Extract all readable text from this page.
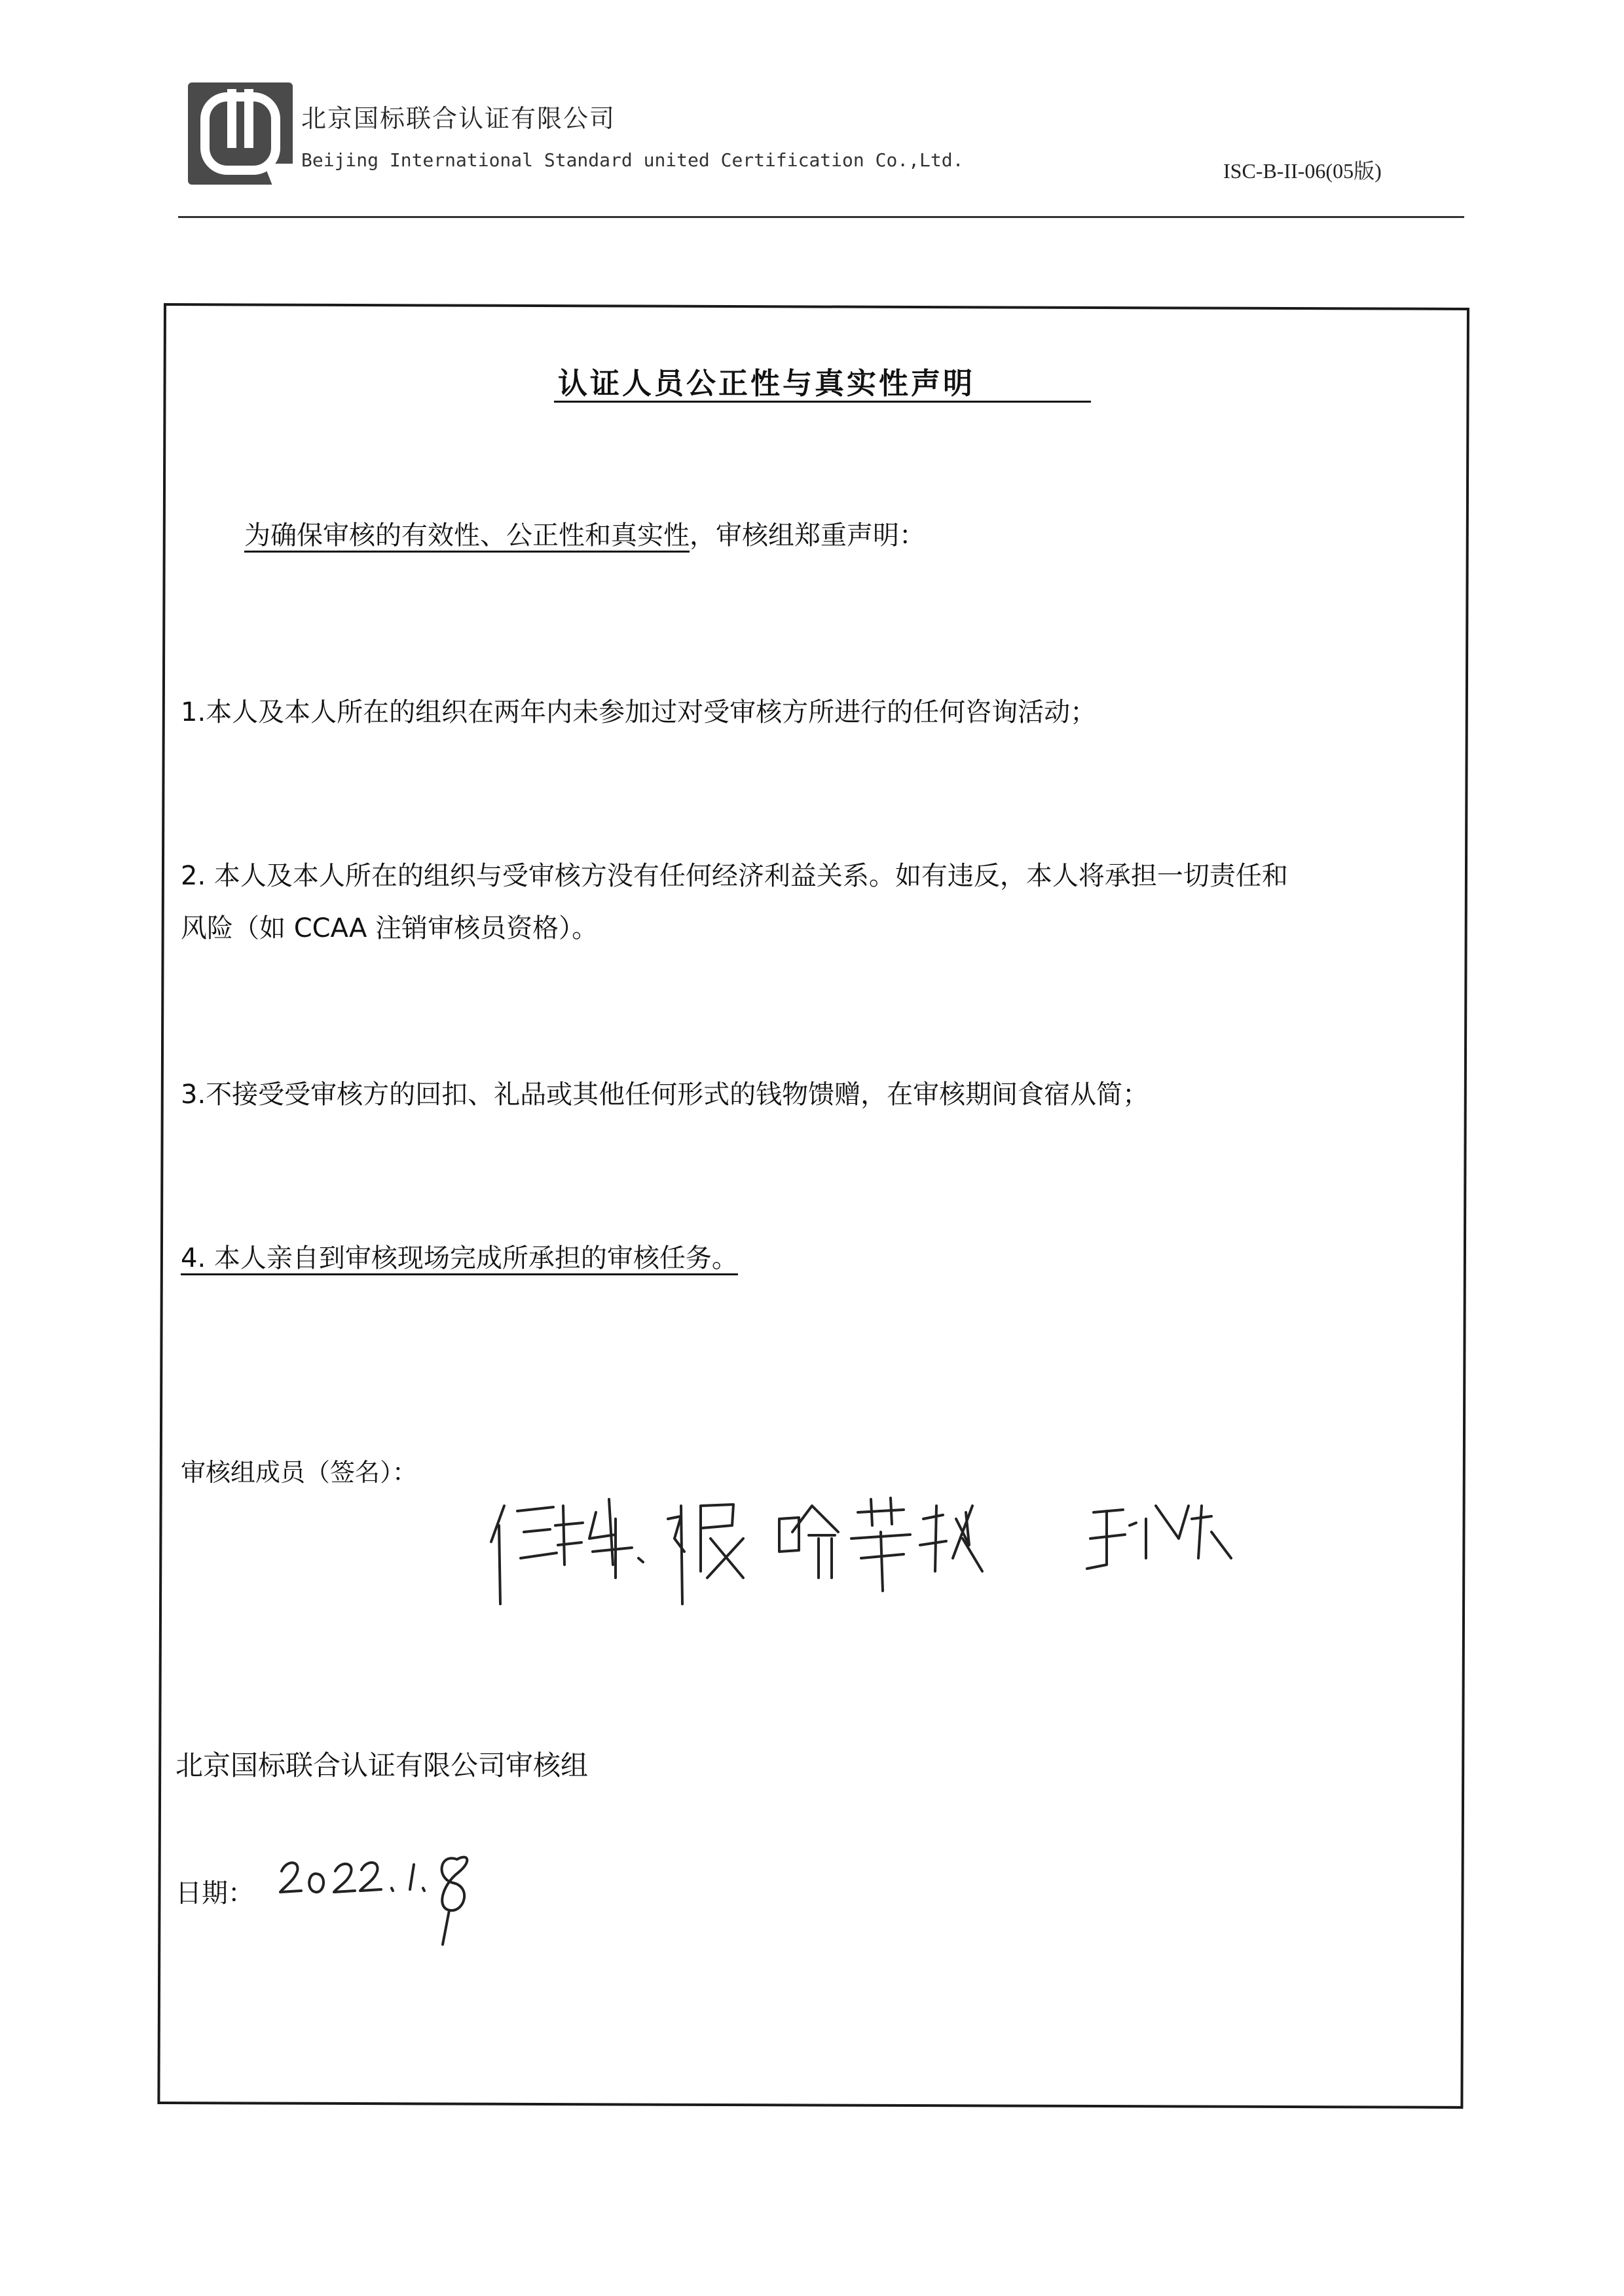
北京国标联合认证有限公司
Beijing International Standard united Certification Co.,Ltd.	ISC-B-II-06(05版)
认证人员公正性与真实性声明
为确保审核的有效性、公正性和真实性，审核组郑重声明：
1.本人及本人所在的组织在两年内未参加过对受审核方所进行的任何咨询活动；
2. 本人及本人所在的组织与受审核方没有任何经济利益关系。如有违反，本人将承担一切责任和
风险（如 CCAA 注销审核员资格）。
3.不接受受审核方的回扣、礼品或其他任何形式的钱物馈赠，在审核期间食宿从简；
4. 本人亲自到审核现场完成所承担的审核任务。
审核组成员（签名）：
北京国标联合认证有限公司审核组
日期：
